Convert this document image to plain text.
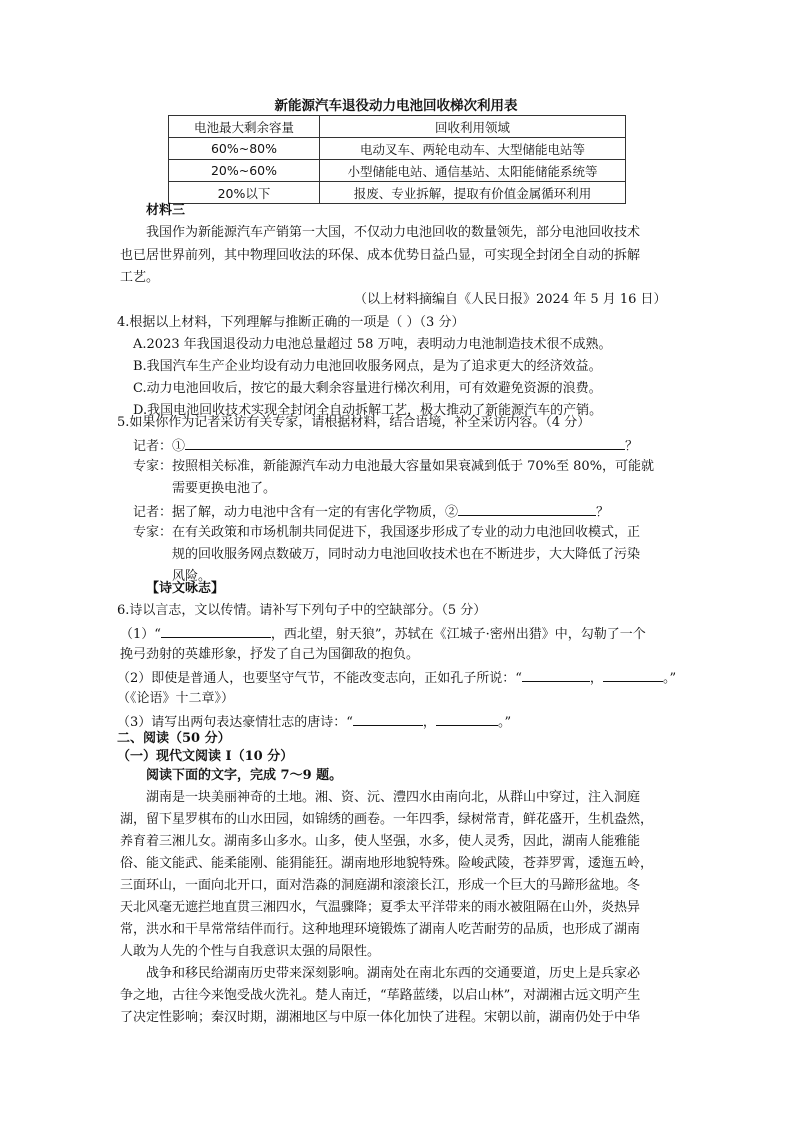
新能源汽车退役动力电池回收梯次利用表
电池最大剩余容量	回收利用领域
60%~80%	电动叉车、两轮电动车、大型储能电站等
20%~60%	小型储能电站、通信基站、太阳能储能系统等
20%以下	报废、专业拆解，提取有价值金属循环利用
材料三
我国作为新能源汽车产销第一大国，不仅动力电池回收的数量领先，部分电池回收技术
也已居世界前列，其中物理回收法的环保、成本优势日益凸显，可实现全封闭全自动的拆解
工艺。
（以上材料摘编自《人民日报》2024 年 5 月 16 日）
4.根据以上材料，下列理解与推断正确的一项是（ ）（3 分）
A.2023 年我国退役动力电池总量超过 58 万吨，表明动力电池制造技术很不成熟。
B.我国汽车生产企业均设有动力电池回收服务网点，是为了追求更大的经济效益。
C.动力电池回收后，按它的最大剩余容量进行梯次利用，可有效避免资源的浪费。
D.我国电池回收技术实现全封闭全自动拆解工艺，极大推动了新能源汽车的产销。
5.如果你作为记者采访有关专家，请根据材料，结合语境，补全采访内容。（4 分）
记者：①	？
专家：按照相关标准，新能源汽车动力电池最大容量如果衰减到低于 70%至 80%，可能就
需要更换电池了。
记者：据了解，动力电池中含有一定的有害化学物质，②	？
专家：在有关政策和市场机制共同促进下，我国逐步形成了专业的动力电池回收模式，正
规的回收服务网点数破万，同时动力电池回收技术也在不断进步，大大降低了污染
风险。
【诗文咏志】
6.诗以言志，文以传情。请补写下列句子中的空缺部分。（5 分）
（1）“	，西北望，射天狼”，苏轼在《江城子·密州出猎》中，勾勒了一个
挽弓劲射的英雄形象，抒发了自己为国御敌的抱负。
（2）即使是普通人，也要坚守气节，不能改变志向，正如孔子所说：“	，	。”
（《论语》十二章》）
（3）请写出两句表达豪情壮志的唐诗：“	，	。”
二、阅读（50 分）
（一）现代文阅读 I（10 分）
阅读下面的文字，完成 7～9 题。
湖南是一块美丽神奇的土地。湘、资、沅、澧四水由南向北，从群山中穿过，注入洞庭
湖，留下星罗棋布的山水田园，如锦绣的画卷。一年四季，绿树常青，鲜花盛开，生机盎然，
养育着三湘儿女。湖南多山多水。山多，使人坚强，水多，使人灵秀，因此，湖南人能雅能
俗、能文能武、能柔能刚、能狷能狂。湖南地形地貌特殊。险峻武陵，苍莽罗霄，逶迤五岭，
三面环山，一面向北开口，面对浩淼的洞庭湖和滚滚长江，形成一个巨大的马蹄形盆地。冬
天北风毫无遮拦地直贯三湘四水，气温骤降；夏季太平洋带来的雨水被阻隔在山外，炎热异
常，洪水和干旱常常结伴而行。这种地理环境锻炼了湖南人吃苦耐劳的品质，也形成了湖南
人敢为人先的个性与自我意识太强的局限性。
战争和移民给湖南历史带来深刻影响。湖南处在南北东西的交通要道，历史上是兵家必
争之地，古往今来饱受战火洗礼。楚人南迁，“荜路蓝缕，以启山林”，对湖湘古远文明产生
了决定性影响；秦汉时期，湖湘地区与中原一体化加快了进程。宋朝以前，湖南仍处于中华
